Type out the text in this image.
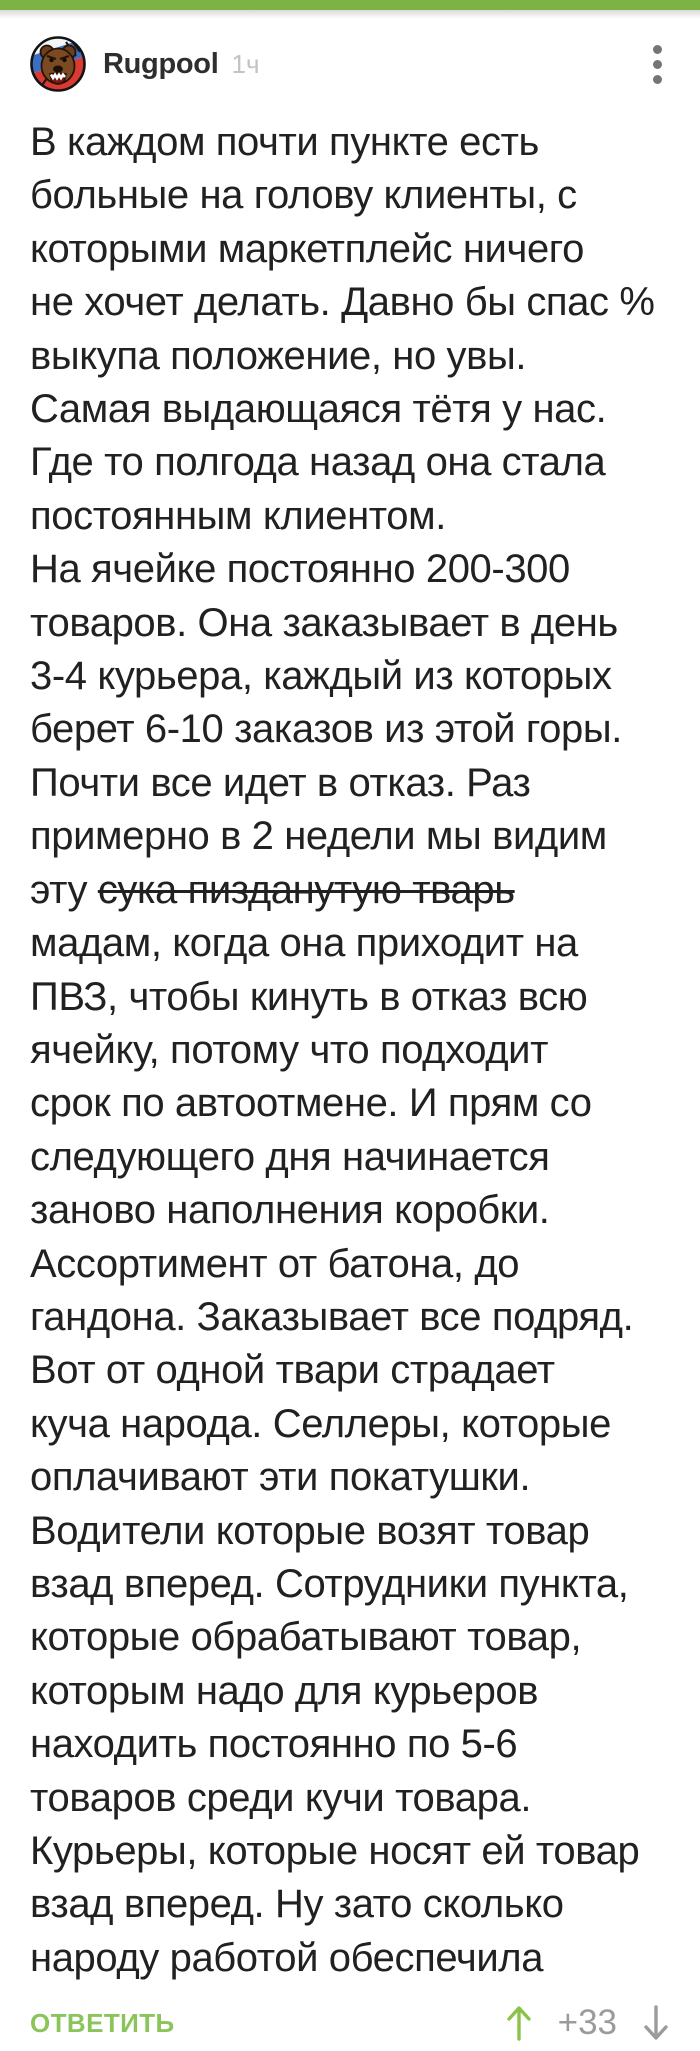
Rugpool 1ч
В каждом почти пункте есть
больные на голову клиенты, с
которыми маркетплейс ничего
не хочет делать. Давно бы спас %
выкупа положение, но увы.
Самая выдающаяся тётя у нас.
Где то полгода назад она стала
постоянным клиентом.
На ячейке постоянно 200-300
товаров. Она заказывает в день
3-4 курьера, каждый из которых
берет 6-10 заказов из этой горы.
Почти все идет в отказ. Раз
примерно в 2 недели мы видим
эту сука пизданутую тварь
мадам, когда она приходит на
ПВЗ, чтобы кинуть в отказ всю
ячейку, потому что подходит
срок по автоотмене. И прям со
следующего дня начинается
заново наполнения коробки.
Ассортимент от батона, до
гандона. Заказывает все подряд.
Вот от одной твари страдает
куча народа. Селлеры, которые
оплачивают эти покатушки.
Водители которые возят товар
взад вперед. Сотрудники пункта,
которые обрабатывают товар,
которым надо для курьеров
находить постоянно по 5-6
товаров среди кучи товара.
Курьеры, которые носят ей товар
взад вперед. Ну зато сколько
народу работой обеспечила
ОТВЕТИТЬ	+33
